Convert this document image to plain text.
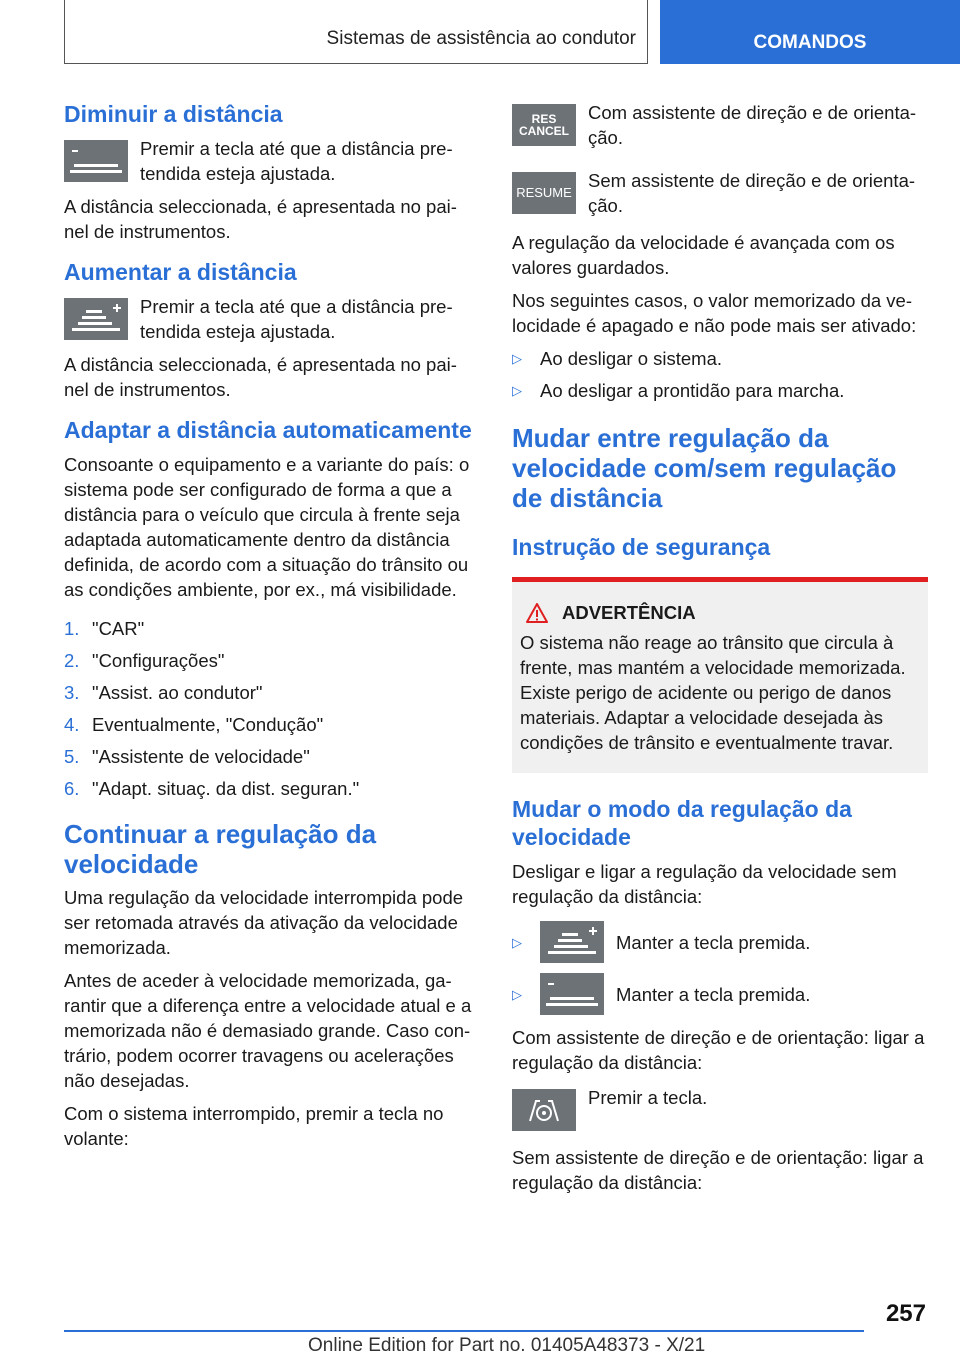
Sistemas de assistência ao condutor	COMANDOS
Diminuir a distância
Premir a tecla até que a distância pre- tendida esteja ajustada.

A distância seleccionada, é apresentada no pai- nel de instrumentos.

Aumentar a distância
Premir a tecla até que a distância pre- tendida esteja ajustada.

A distância seleccionada, é apresentada no pai- nel de instrumentos.

Adaptar a distância automaticamente

Consoante o equipamento e a variante do país: o sistema pode ser configurado de forma a que a distância para o veículo que circula à frente seja adaptada automaticamente dentro da distância definida, de acordo com a situação do trânsito ou as condições ambiente, por ex., má visibilidade.

1. "CAR"
2. "Configurações"
3. "Assist. ao condutor"
4. Eventualmente, "Condução"
5. "Assistente de velocidade"
6. "Adapt. situaç. da dist. seguran."
Continuar a regulação da velocidade

Uma regulação da velocidade interrompida pode ser retomada através da ativação da velocidade memorizada.

Antes de aceder à velocidade memorizada, ga- rantir que a diferença entre a velocidade atual e a memorizada não é demasiado grande. Caso con- trário, podem ocorrer travagens ou acelerações não desejadas.

Com o sistema interrompido, premir a tecla no volante:

RES CANCEL
Com assistente de direção e de orienta- ção.
RESUME
Sem assistente de direção e de orienta- ção.

A regulação da velocidade é avançada com os valores guardados.

Nos seguintes casos, o valor memorizado da ve- locidade é apagado e não pode mais ser ativado:

▷ Ao desligar o sistema.
▷ Ao desligar a prontidão para marcha.
Mudar entre regulação da velocidade com/sem regulação de distância
Instrução de segurança
ADVERTÊNCIA

O sistema não reage ao trânsito que circula à frente, mas mantém a velocidade memorizada. Existe perigo de acidente ou perigo de danos materiais. Adaptar a velocidade desejada às condições de trânsito e eventualmente travar.

Mudar o modo da regulação da velocidade

Desligar e ligar a regulação da velocidade sem regulação da distância:

▷	Manter a tecla premida.
▷	Manter a tecla premida.

Com assistente de direção e de orientação: ligar a regulação da distância:

Premir a tecla.

Sem assistente de direção e de orientação: ligar a regulação da distância:

257
Online Edition for Part no. 01405A48373 - X/21
